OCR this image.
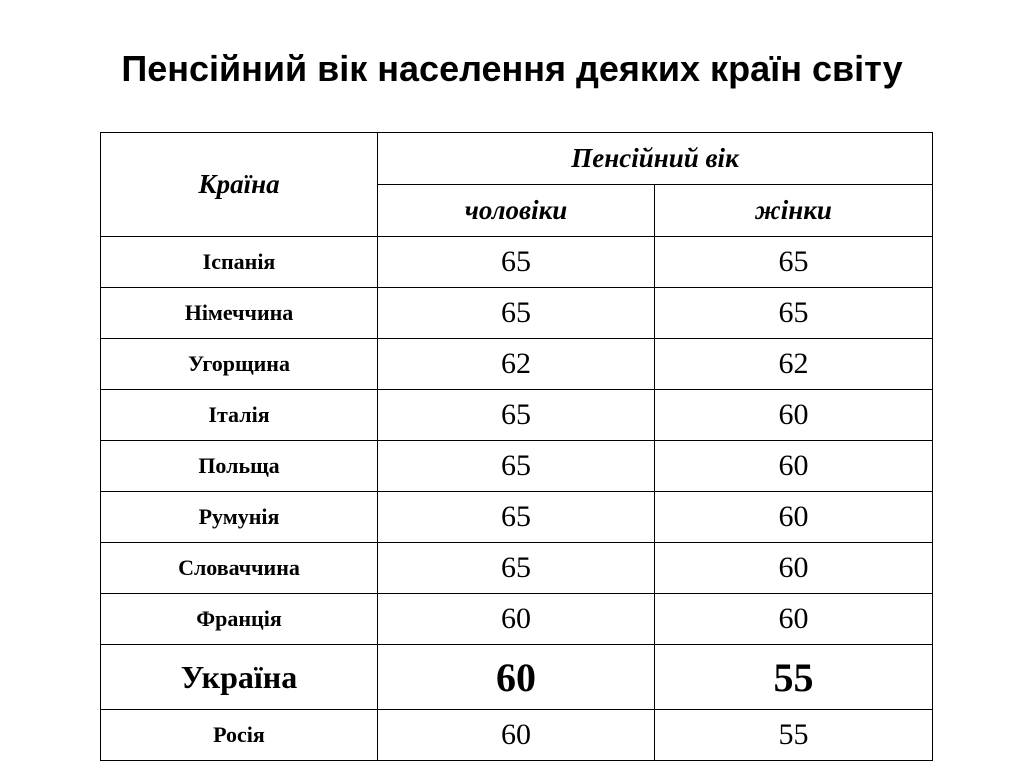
Пенсійний вік населення деяких країн світу
Країна	Пенсійний вік	
	чоловіки	жінки
Іспанія	65	65
Німеччина	65	65
Угорщина	62	62
Італія	65	60
Польща	65	60
Румунія	65	60
Словаччина	65	60
Франція	60	60
Україна	60	55
Росія	60	55
